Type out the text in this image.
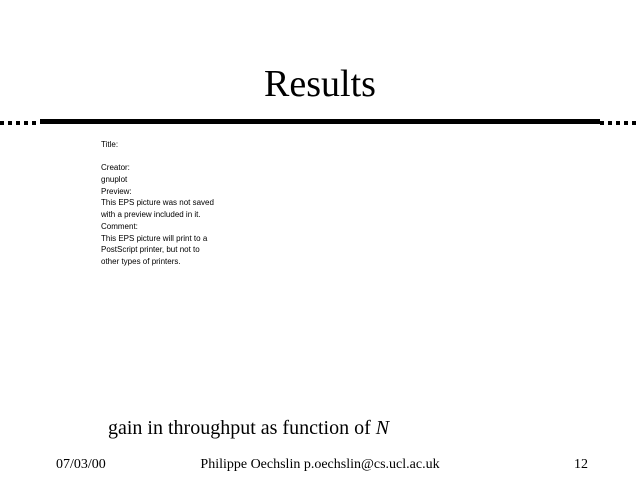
Results
Title:
Creator:
gnuplot
Preview:
This EPS picture was not saved
with a preview included in it.
Comment:
This EPS picture will print to a
PostScript printer, but not to
other types of printers.
gain in throughput as function of N
07/03/00	Philippe Oechslin p.oechslin@cs.ucl.ac.uk	12
